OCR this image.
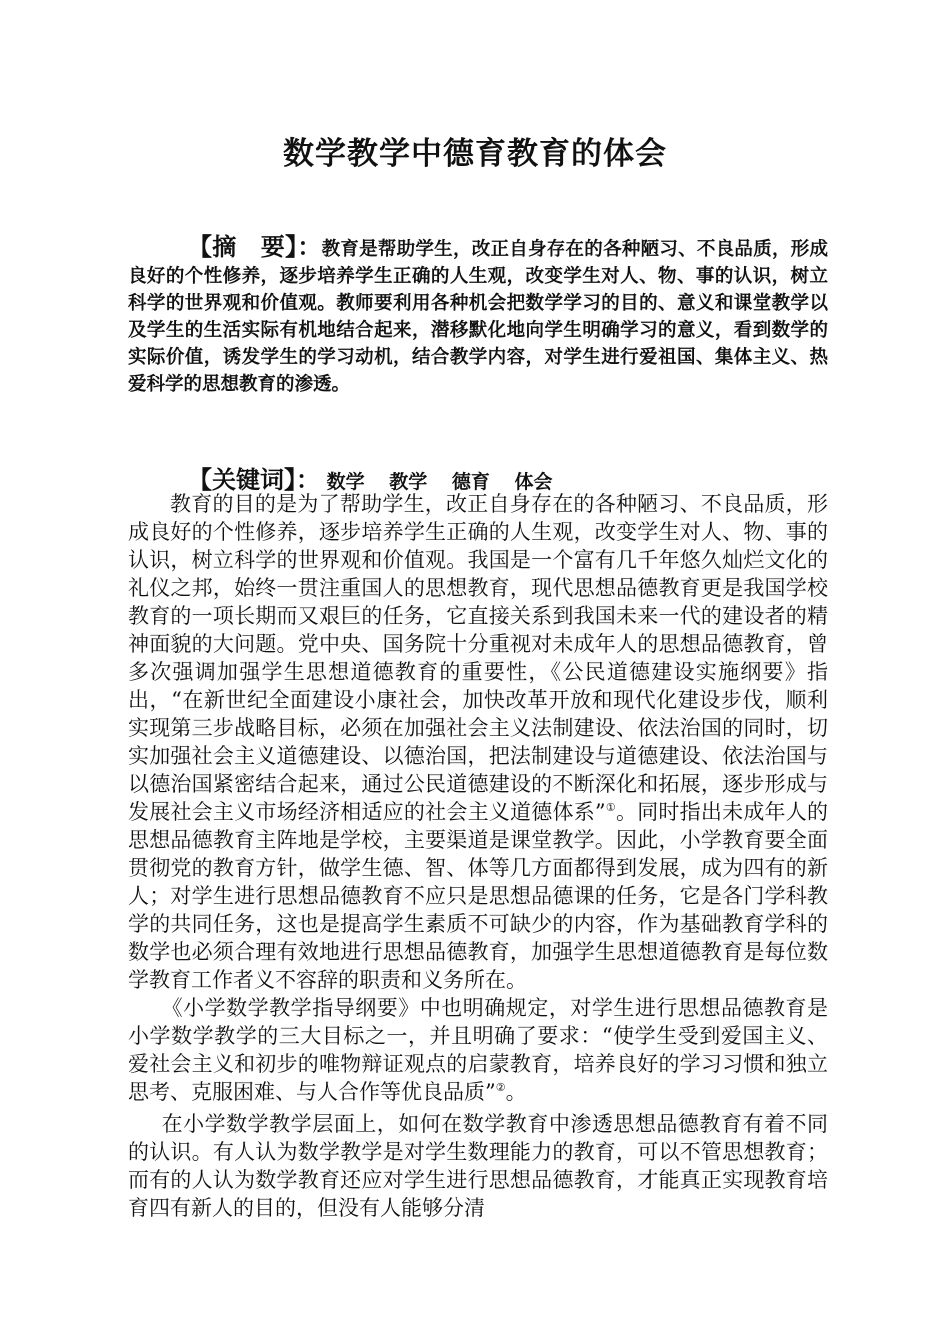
数学教学中德育教育的体会
【摘　要】：教育是帮助学生，改正自身存在的各种陋习、不良品质，形成良好的个性修养，逐步培养学生正确的人生观，改变学生对人、物、事的认识，树立科学的世界观和价值观。教师要利用各种机会把数学学习的目的、意义和课堂教学以及学生的生活实际有机地结合起来，潜移默化地向学生明确学习的意义，看到数学的实际价值，诱发学生的学习动机，结合教学内容，对学生进行爱祖国、集体主义、热爱科学的思想教育的渗透。
【关键词】： 数学 教学 德育 体会

教育的目的是为了帮助学生，改正自身存在的各种陋习、不良品质，形成良好的个性修养，逐步培养学生正确的人生观，改变学生对人、物、事的认识，树立科学的世界观和价值观。我国是一个富有几千年悠久灿烂文化的礼仪之邦，始终一贯注重国人的思想教育，现代思想品德教育更是我国学校教育的一项长期而又艰巨的任务，它直接关系到我国未来一代的建设者的精神面貌的大问题。党中央、国务院十分重视对未成年人的思想品德教育，曾多次强调加强学生思想道德教育的重要性，《公民道德建设实施纲要》指出，“在新世纪全面建设小康社会，加快改革开放和现代化建设步伐，顺利实现第三步战略目标，必须在加强社会主义法制建设、依法治国的同时，切实加强社会主义道德建设、以德治国，把法制建设与道德建设、依法治国与以德治国紧密结合起来，通过公民道德建设的不断深化和拓展，逐步形成与发展社会主义市场经济相适应的社会主义道德体系”①。同时指出未成年人的思想品德教育主阵地是学校，主要渠道是课堂教学。因此，小学教育要全面贯彻党的教育方针，做学生德、智、体等几方面都得到发展，成为四有的新人；对学生进行思想品德教育不应只是思想品德课的任务，它是各门学科教学的共同任务，这也是提高学生素质不可缺少的内容，作为基础教育学科的数学也必须合理有效地进行思想品德教育，加强学生思想道德教育是每位数学教育工作者义不容辞的职责和义务所在。

《小学数学教学指导纲要》中也明确规定，对学生进行思想品德教育是小学数学教学的三大目标之一，并且明确了要求：“使学生受到爱国主义、爱社会主义和初步的唯物辩证观点的启蒙教育，培养良好的学习习惯和独立思考、克服困难、与人合作等优良品质”②。

在小学数学教学层面上，如何在数学教育中渗透思想品德教育有着不同的认识。有人认为数学教学是对学生数理能力的教育，可以不管思想教育；而有的人认为数学教育还应对学生进行思想品德教育，才能真正实现教育培育四有新人的目的，但没有人能够分清
